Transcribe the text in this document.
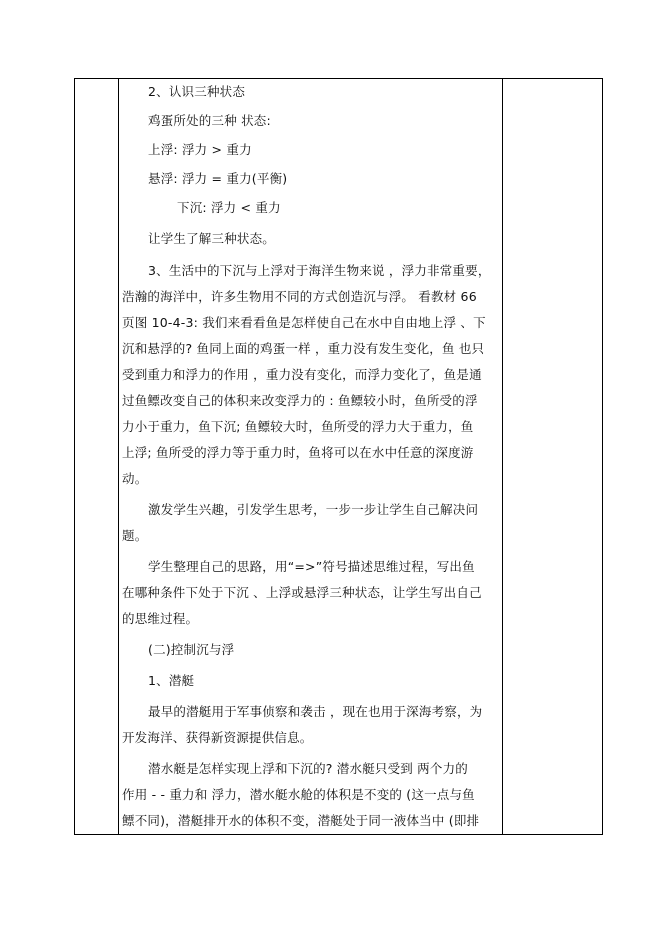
2、认识三种状态
鸡蛋所处的三种 状态:
上浮: 浮力 > 重力
悬浮: 浮力 = 重力(平衡)
下沉: 浮力 < 重力
让学生了解三种状态。
3、生活中的下沉与上浮对于海洋生物来说 ，浮力非常重要，
浩瀚的海洋中，许多生物用不同的方式创造沉与浮。 看教材 66
页图 10-4-3: 我们来看看鱼是怎样使自己在水中自由地上浮 、下
沉和悬浮的? 鱼同上面的鸡蛋一样 ，重力没有发生变化，鱼 也只
受到重力和浮力的作用 ，重力没有变化，而浮力变化了，鱼是通
过鱼鳔改变自己的体积来改变浮力的 : 鱼鳔较小时，鱼所受的浮
力小于重力，鱼下沉; 鱼鳔较大时，鱼所受的浮力大于重力，鱼
上浮; 鱼所受的浮力等于重力时，鱼将可以在水中任意的深度游
动。
激发学生兴趣，引发学生思考，一步一步让学生自己解决问
题。
学生整理自己的思路，用“=>”符号描述思维过程，写出鱼
在哪种条件下处于下沉 、上浮或悬浮三种状态，让学生写出自己
的思维过程。
(二)控制沉与浮
1、潜艇
最早的潜艇用于军事侦察和袭击 ，现在也用于深海考察，为
开发海洋、获得新资源提供信息。
潜水艇是怎样实现上浮和下沉的? 潜水艇只受到 两个力的
作用 - - 重力和 浮力，潜水艇水舱的体积是不变的 (这一点与鱼
鳔不同)，潜艇排开水的体积不变，潜艇处于同一液体当中 (即排
